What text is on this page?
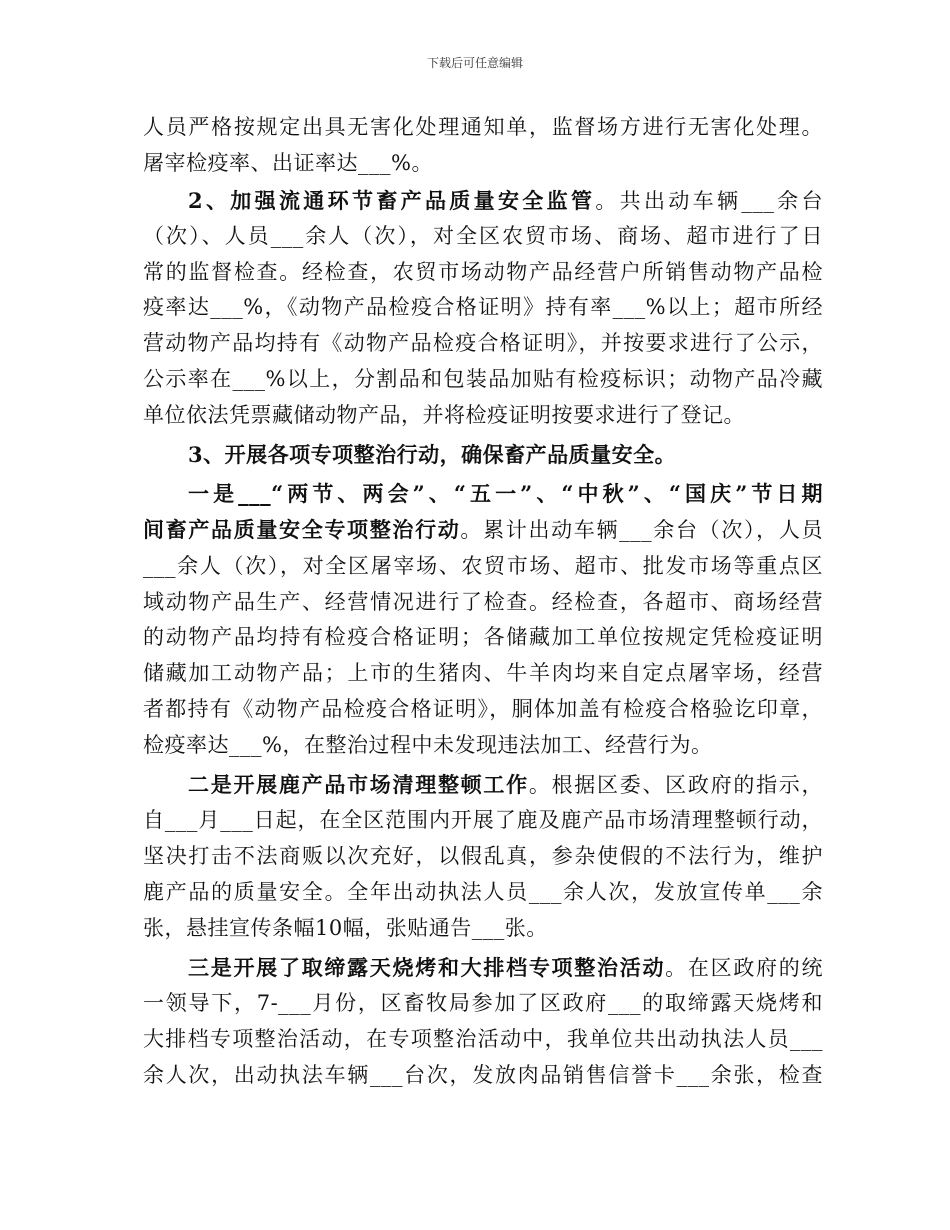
下载后可任意编辑
人员严格按规定出具无害化处理通知单，监督场方进行无害化处理。
屠宰检疫率、出证率达___%。
2、加强流通环节畜产品质量安全监管。共出动车辆___余台
（次）、人员___余人（次），对全区农贸市场、商场、超市进行了日
常的监督检查。经检查，农贸市场动物产品经营户所销售动物产品检
疫率达___%，《动物产品检疫合格证明》持有率___%以上；超市所经
营动物产品均持有《动物产品检疫合格证明》，并按要求进行了公示，
公示率在___%以上，分割品和包装品加贴有检疫标识；动物产品冷藏
单位依法凭票藏储动物产品，并将检疫证明按要求进行了登记。
3、开展各项专项整治行动，确保畜产品质量安全。
一是___“两节、两会”、“五一”、“中秋”、“国庆”节日期
间畜产品质量安全专项整治行动。累计出动车辆___余台（次），人员
___余人（次），对全区屠宰场、农贸市场、超市、批发市场等重点区
域动物产品生产、经营情况进行了检查。经检查，各超市、商场经营
的动物产品均持有检疫合格证明；各储藏加工单位按规定凭检疫证明
储藏加工动物产品；上市的生猪肉、牛羊肉均来自定点屠宰场，经营
者都持有《动物产品检疫合格证明》，胴体加盖有检疫合格验讫印章，
检疫率达___%，在整治过程中未发现违法加工、经营行为。
二是开展鹿产品市场清理整顿工作。根据区委、区政府的指示，
自___月___日起，在全区范围内开展了鹿及鹿产品市场清理整顿行动，
坚决打击不法商贩以次充好，以假乱真，参杂使假的不法行为，维护
鹿产品的质量安全。全年出动执法人员___余人次，发放宣传单___余
张，悬挂宣传条幅10幅，张贴通告___张。
三是开展了取缔露天烧烤和大排档专项整治活动。在区政府的统
一领导下，7-___月份，区畜牧局参加了区政府___的取缔露天烧烤和
大排档专项整治活动，在专项整治活动中，我单位共出动执法人员___
余人次，出动执法车辆___台次，发放肉品销售信誉卡___余张，检查
